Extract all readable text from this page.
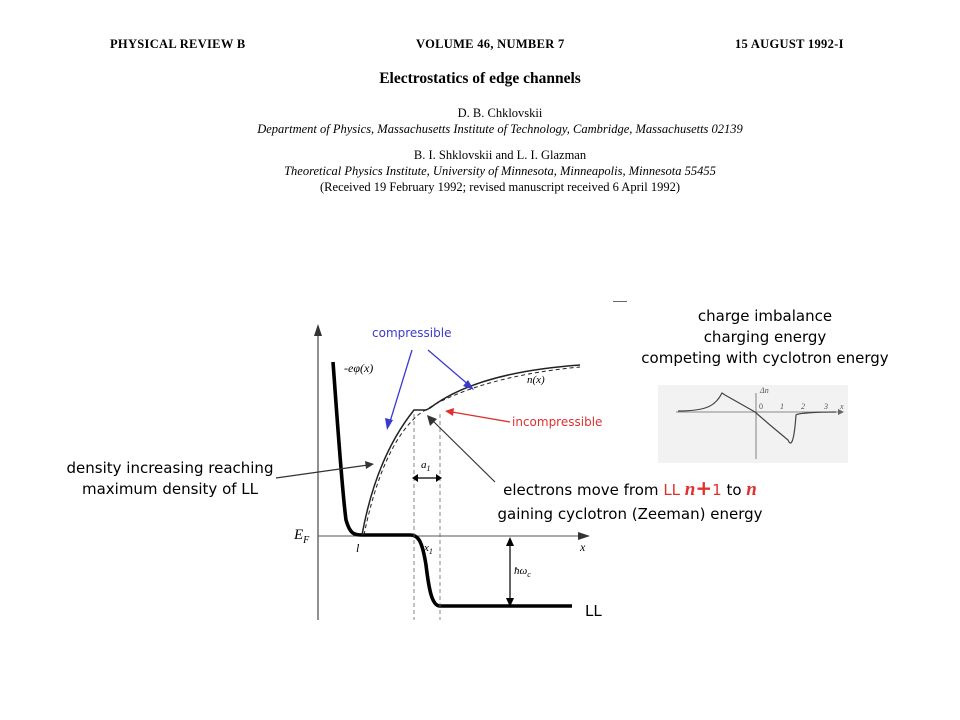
PHYSICAL REVIEW B	VOLUME 46, NUMBER 7	15 AUGUST 1992-I
Electrostatics of edge channels
D. B. Chklovskii
Department of Physics, Massachusetts Institute of Technology, Cambridge, Massachusetts 02139
B. I. Shklovskii and L. I. Glazman
Theoretical Physics Institute, University of Minnesota, Minneapolis, Minnesota 55455
(Received 19 February 1992; revised manuscript received 6 April 1992)
-eφ(x)
n(x)
$a_1$
x
l	$x_1$
$ħ\omega_c$
$E_F$
compressible
incompressible
density increasing reaching
maximum density of LL
charge imbalance
charging energy
competing with cyclotron energy
electrons move from LL n+1 to n
gaining cyclotron (Zeeman) energy
LL
Δn
0 1 2 3 x
